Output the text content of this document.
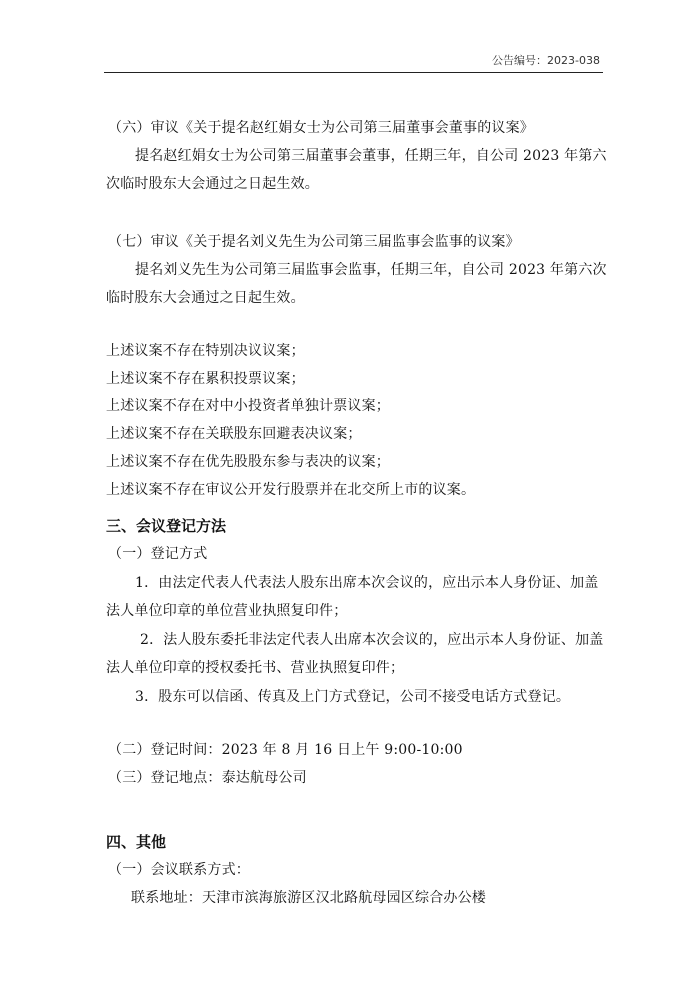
公告编号：2023-038
（六）审议《关于提名赵红娟女士为公司第三届董事会董事的议案》
提名赵红娟女士为公司第三届董事会董事，任期三年，自公司 2023 年第六
次临时股东大会通过之日起生效。
（七）审议《关于提名刘义先生为公司第三届监事会监事的议案》
提名刘义先生为公司第三届监事会监事，任期三年，自公司 2023 年第六次
临时股东大会通过之日起生效。
上述议案不存在特别决议议案；
上述议案不存在累积投票议案；
上述议案不存在对中小投资者单独计票议案；
上述议案不存在关联股东回避表决议案；
上述议案不存在优先股股东参与表决的议案；
上述议案不存在审议公开发行股票并在北交所上市的议案。
三、会议登记方法
（一）登记方式
1．由法定代表人代表法人股东出席本次会议的，应出示本人身份证、加盖
法人单位印章的单位营业执照复印件；
2．法人股东委托非法定代表人出席本次会议的，应出示本人身份证、加盖
法人单位印章的授权委托书、营业执照复印件；
3．股东可以信函、传真及上门方式登记，公司不接受电话方式登记。
（二）登记时间：2023 年 8 月 16 日上午 9:00-10:00
（三）登记地点：泰达航母公司
四、其他
（一）会议联系方式：
联系地址：天津市滨海旅游区汉北路航母园区综合办公楼
